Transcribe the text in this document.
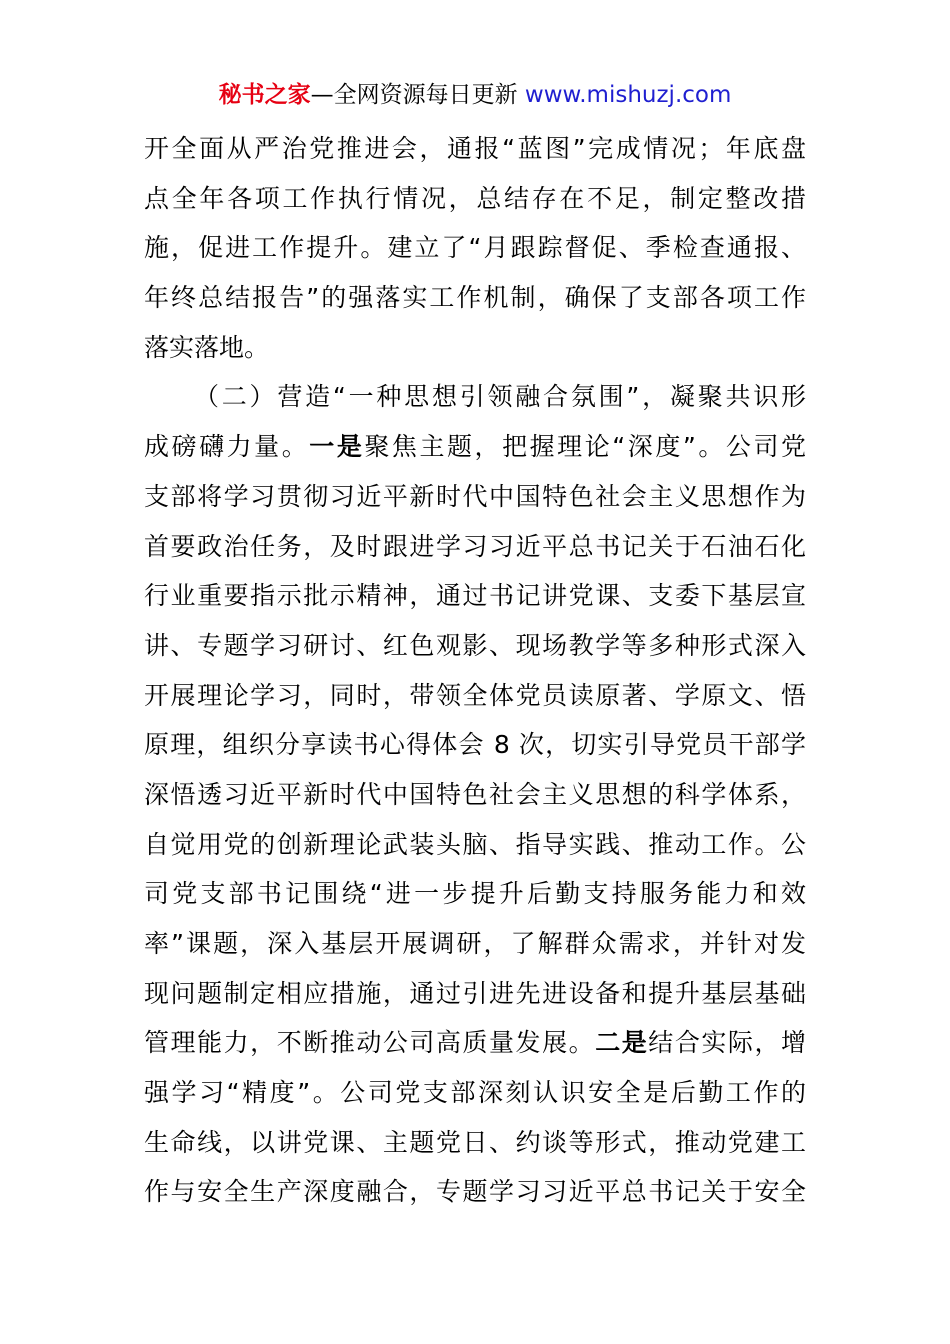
秘书之家—全网资源每日更新 www.mishuzj.com
开全面从严治党推进会，通报“蓝图”完成情况；年底盘
点全年各项工作执行情况，总结存在不足，制定整改措
施，促进工作提升。建立了“月跟踪督促、季检查通报、
年终总结报告”的强落实工作机制，确保了支部各项工作
落实落地。
（二）营造“一种思想引领融合氛围”，凝聚共识形
成磅礴力量。一是聚焦主题，把握理论“深度”。公司党
支部将学习贯彻习近平新时代中国特色社会主义思想作为
首要政治任务，及时跟进学习习近平总书记关于石油石化
行业重要指示批示精神，通过书记讲党课、支委下基层宣
讲、专题学习研讨、红色观影、现场教学等多种形式深入
开展理论学习，同时，带领全体党员读原著、学原文、悟
原理，组织分享读书心得体会 8 次，切实引导党员干部学
深悟透习近平新时代中国特色社会主义思想的科学体系，
自觉用党的创新理论武装头脑、指导实践、推动工作。公
司党支部书记围绕“进一步提升后勤支持服务能力和效
率”课题，深入基层开展调研，了解群众需求，并针对发
现问题制定相应措施，通过引进先进设备和提升基层基础
管理能力，不断推动公司高质量发展。二是结合实际，增
强学习“精度”。公司党支部深刻认识安全是后勤工作的
生命线，以讲党课、主题党日、约谈等形式，推动党建工
作与安全生产深度融合，专题学习习近平总书记关于安全
